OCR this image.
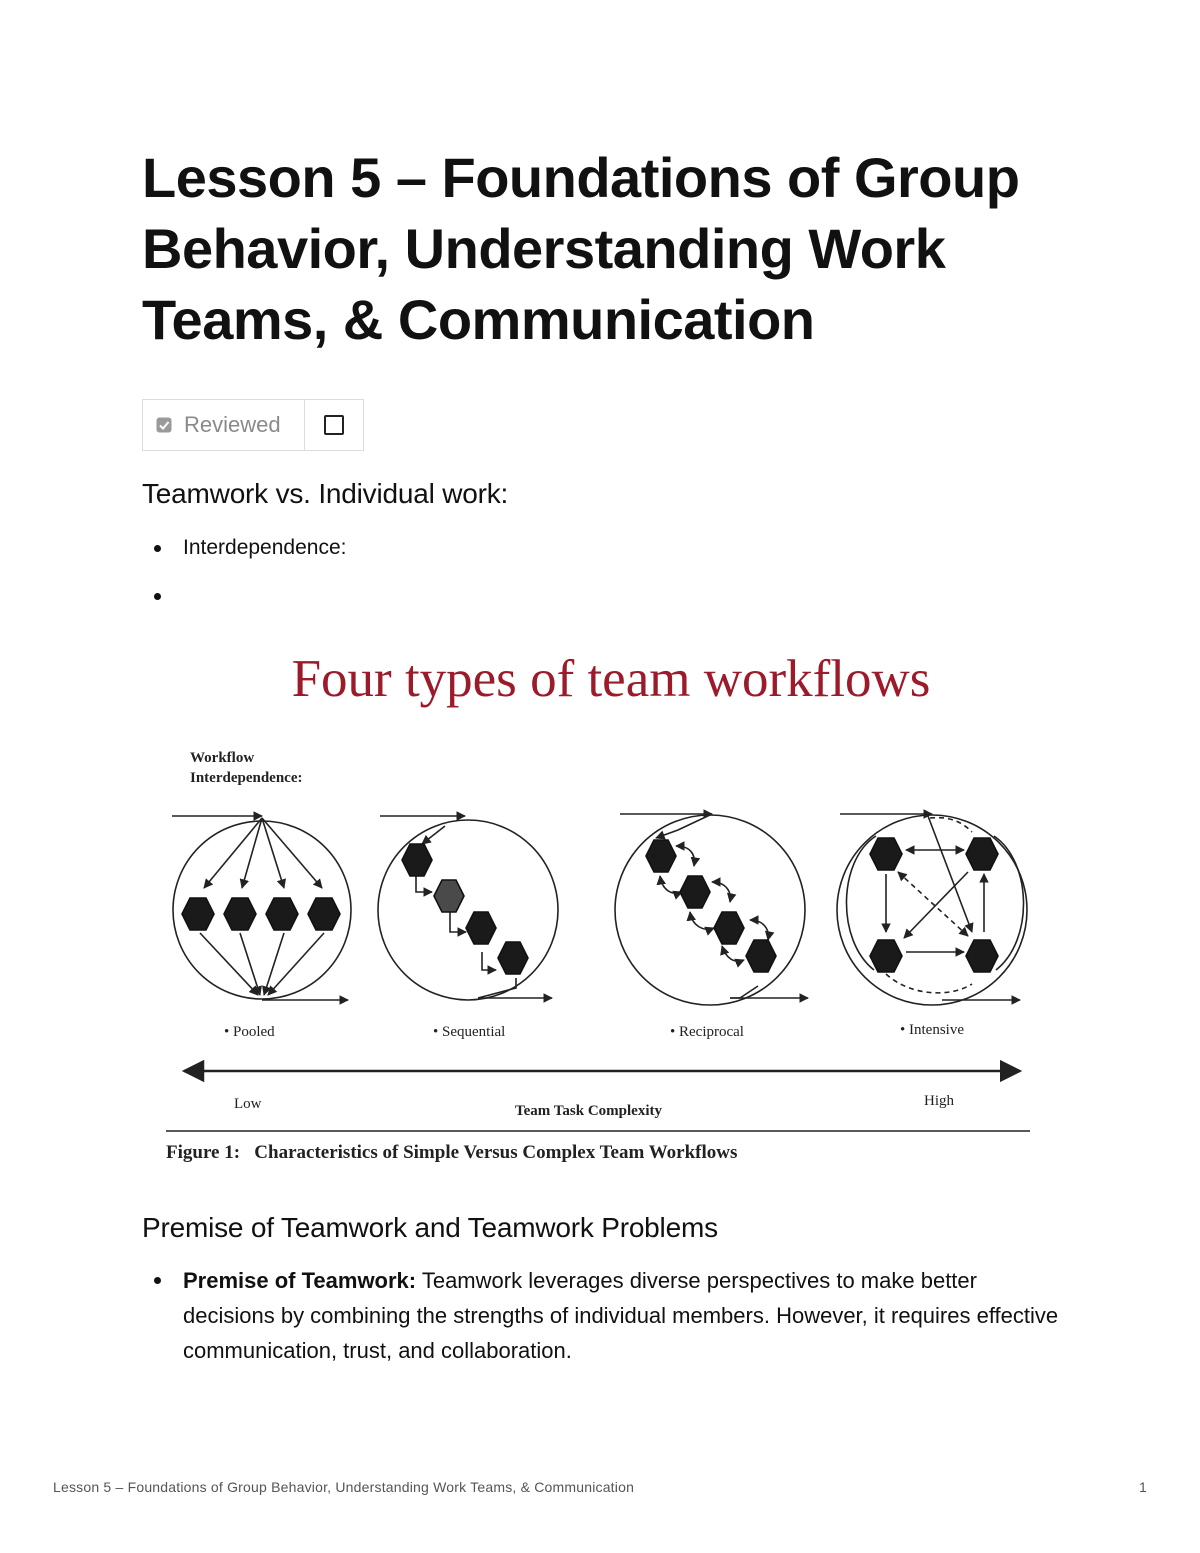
Lesson 5 – Foundations of Group Behavior, Understanding Work Teams, & Communication
Reviewed
Teamwork vs. Individual work:
Interdependence:
Four types of team workflows
Workflow
Interdependence:
• Pooled	• Sequential	• Reciprocal	• Intensive
Low	Team Task Complexity
High
Figure 1:   Characteristics of Simple Versus Complex Team Workflows
Premise of Teamwork and Teamwork Problems
Premise of Teamwork: Teamwork leverages diverse perspectives to make better decisions by combining the strengths of individual members. However, it requires effective communication, trust, and collaboration.
Lesson 5 – Foundations of Group Behavior, Understanding Work Teams, & Communication	1
